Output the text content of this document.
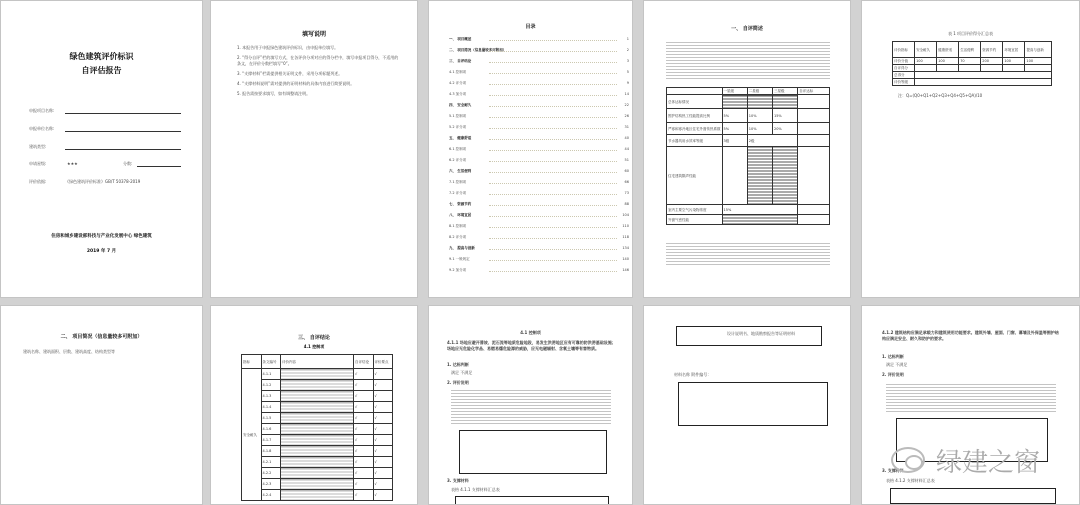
绿色建筑评价标识
自评估报告
申报项目名称:
申报单位名称:
建筑类型:
申请星级:	★★★	分数:
评价依据:	《绿色建筑评价标准》GB/T 50378-2019
住房和城乡建设部科技与产业化发展中心 绿色建筑
2019 年 7 月
填写说明
1. 本报告用于申报绿色建筑评价标识，由申报单位填写。
2. “得分自评”栏的填写方式，在各评价分项对应的得分栏中，填写申报项目得分，不适用的条文，在评价分数栏填写“0”。
3. “支撑材料”栏需提供相关证明文件，采用分项标题列述。
4. “支撑材料说明”需对提供的证明材料的具体内容进行简要说明。
5. 报告需按要求填写，如有调整请注明。
目录
一、 项目概述	1
二、 项目简况（信息量较多可附加）	2
三、 自评结论	3
4.1 控制项	5
4.2 评分项	9
4.3 加分项	14
四、 安全耐久	22
5.1 控制项	26
5.2 评分项	31
五、 健康舒适	40
6.1 控制项	44
6.2 评分项	51
六、 生活便利	60
7.1 控制项	66
7.2 评分项	73
七、 资源节约	88
八、 环境宜居	104
8.1 控制项	110
8.2 评分项	118
九、 提高与创新	134
9.1 一般规定	140
9.2 加分项	146
一、 自评简述
	一星级	二星级	三星级	自评达标
总体达标情况				
围护结构热工性能提高比例	5%	10%	15%	
严寒和寒冷地区住宅外窗传热系数	5%	10%	20%	
节水器具用水效率等级	3级	2级		
住宅建筑隔声性能				
室内主要空气污染物浓度	15%			
外窗气密性能				
表 1 项目评价得分汇总表
评价指标	安全耐久	健康舒适	生活便利	资源节约	环境宜居	提高与创新
评价分值	100	100	70	200	100	100
自评得分						
总得分						
评价等级						
注：Q=(Q0+Q1+Q2+Q3+Q4+Q5+QA)/10
二、 项目简况（信息量较多可附加）
建筑名称、建筑面积、层数、建筑高度、结构类型等
三、 自评结论
4.1 控制项
指标	条文编号	评价内容	自评结论	评价要点
安全耐久	4.1.1		√	√
	4.1.2		√	√
	4.1.3		√	√
	4.1.4		√	√
	4.1.5		√	√
	4.1.6		√	√
	4.1.7		√	√
	4.1.8		√	√
	4.2.1		√	√
	4.2.2		√	√
	4.2.3		√	√
	4.2.4		√	√
4.1 控制项
4.1.1 场地应避开滑坡、泥石流等地质危险地段，易发生洪涝地区应有可靠的防洪涝基础设施；场地应无危险化学品、易燃易爆危险源的威胁，应无电磁辐射、含氧土壤等有害物质。
1. 达标判断
满足 不满足
2. 评价说明
3. 支撑材料
表格 4.1.1 支撑材料汇总表
设计说明书、地质勘察报告等证明材料
材料名称 附件编号：
4.1.2 建筑结构应满足承载力和建筑使用功能要求。建筑外墙、屋面、门窗、幕墙及外保温等围护结构应满足安全、耐久和防护的要求。
1. 达标判断
满足 不满足
2. 评价说明
3. 支撑材料
表格 4.1.2 支撑材料汇总表
绿建之窗
